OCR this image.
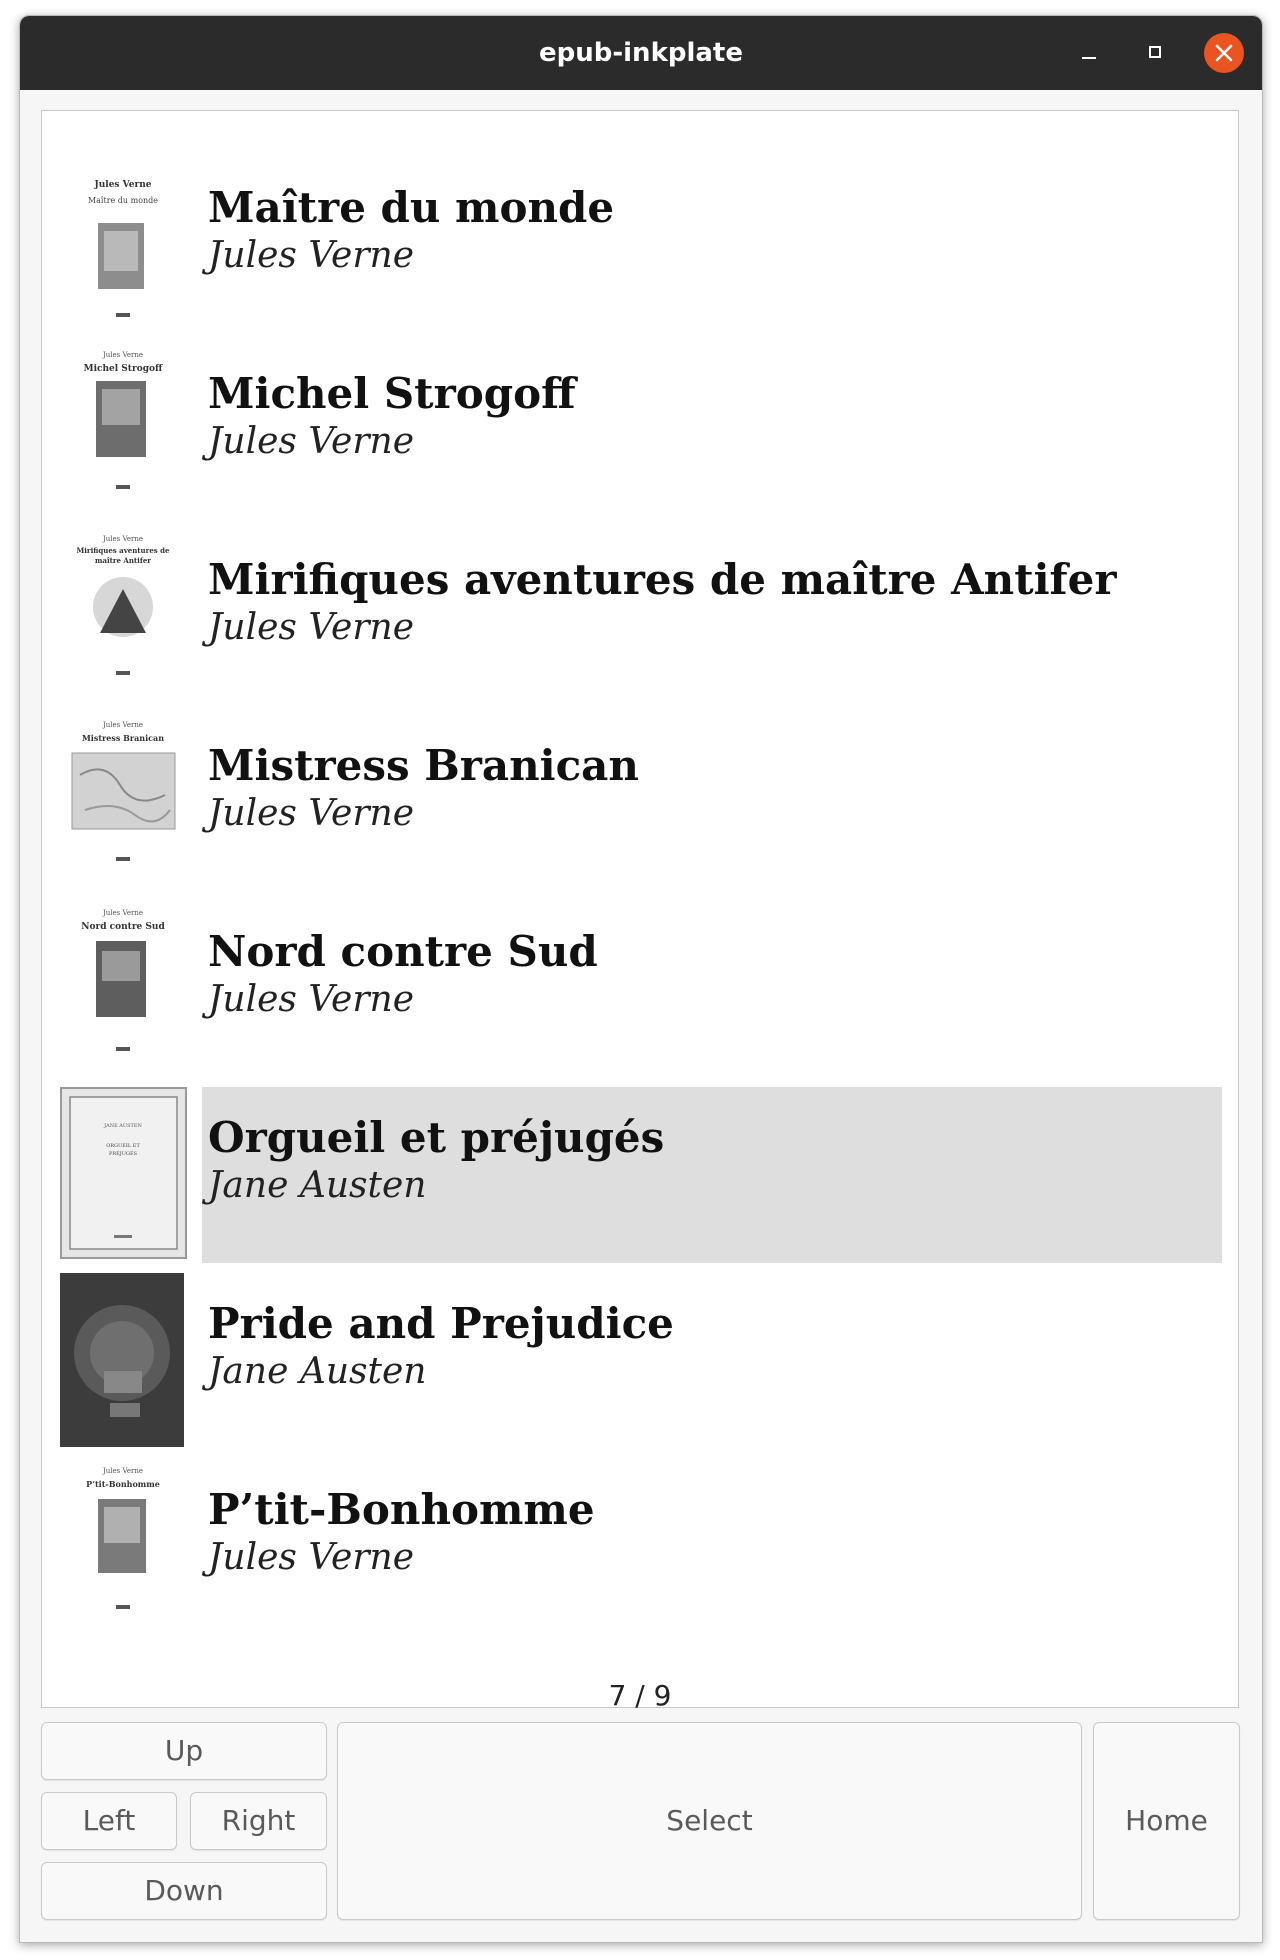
epub-inkplate
Jules Verne
Maître du monde Maître du monde
Jules Verne
Jules Verne
Michel Strogoff Michel Strogoff
Jules Verne
Jules Verne
Mirifiques aventures de
maître Antifer Mirifiques aventures de maître Antifer
Jules Verne
Jules Verne
Mistress Branican
Mistress Branican
Jules Verne
Jules Verne
Nord contre Sud Nord contre Sud
Jules Verne
JANE AUSTEN
ORGUEIL ET
PRÉJUGÉS Orgueil et préjugés
Jane Austen
Pride and Prejudice
Jane Austen
Jules Verne
P’tit-Bonhomme
P’tit-Bonhomme
Jules Verne
7 / 9
Up
Left	Right
Down
Select	Home
